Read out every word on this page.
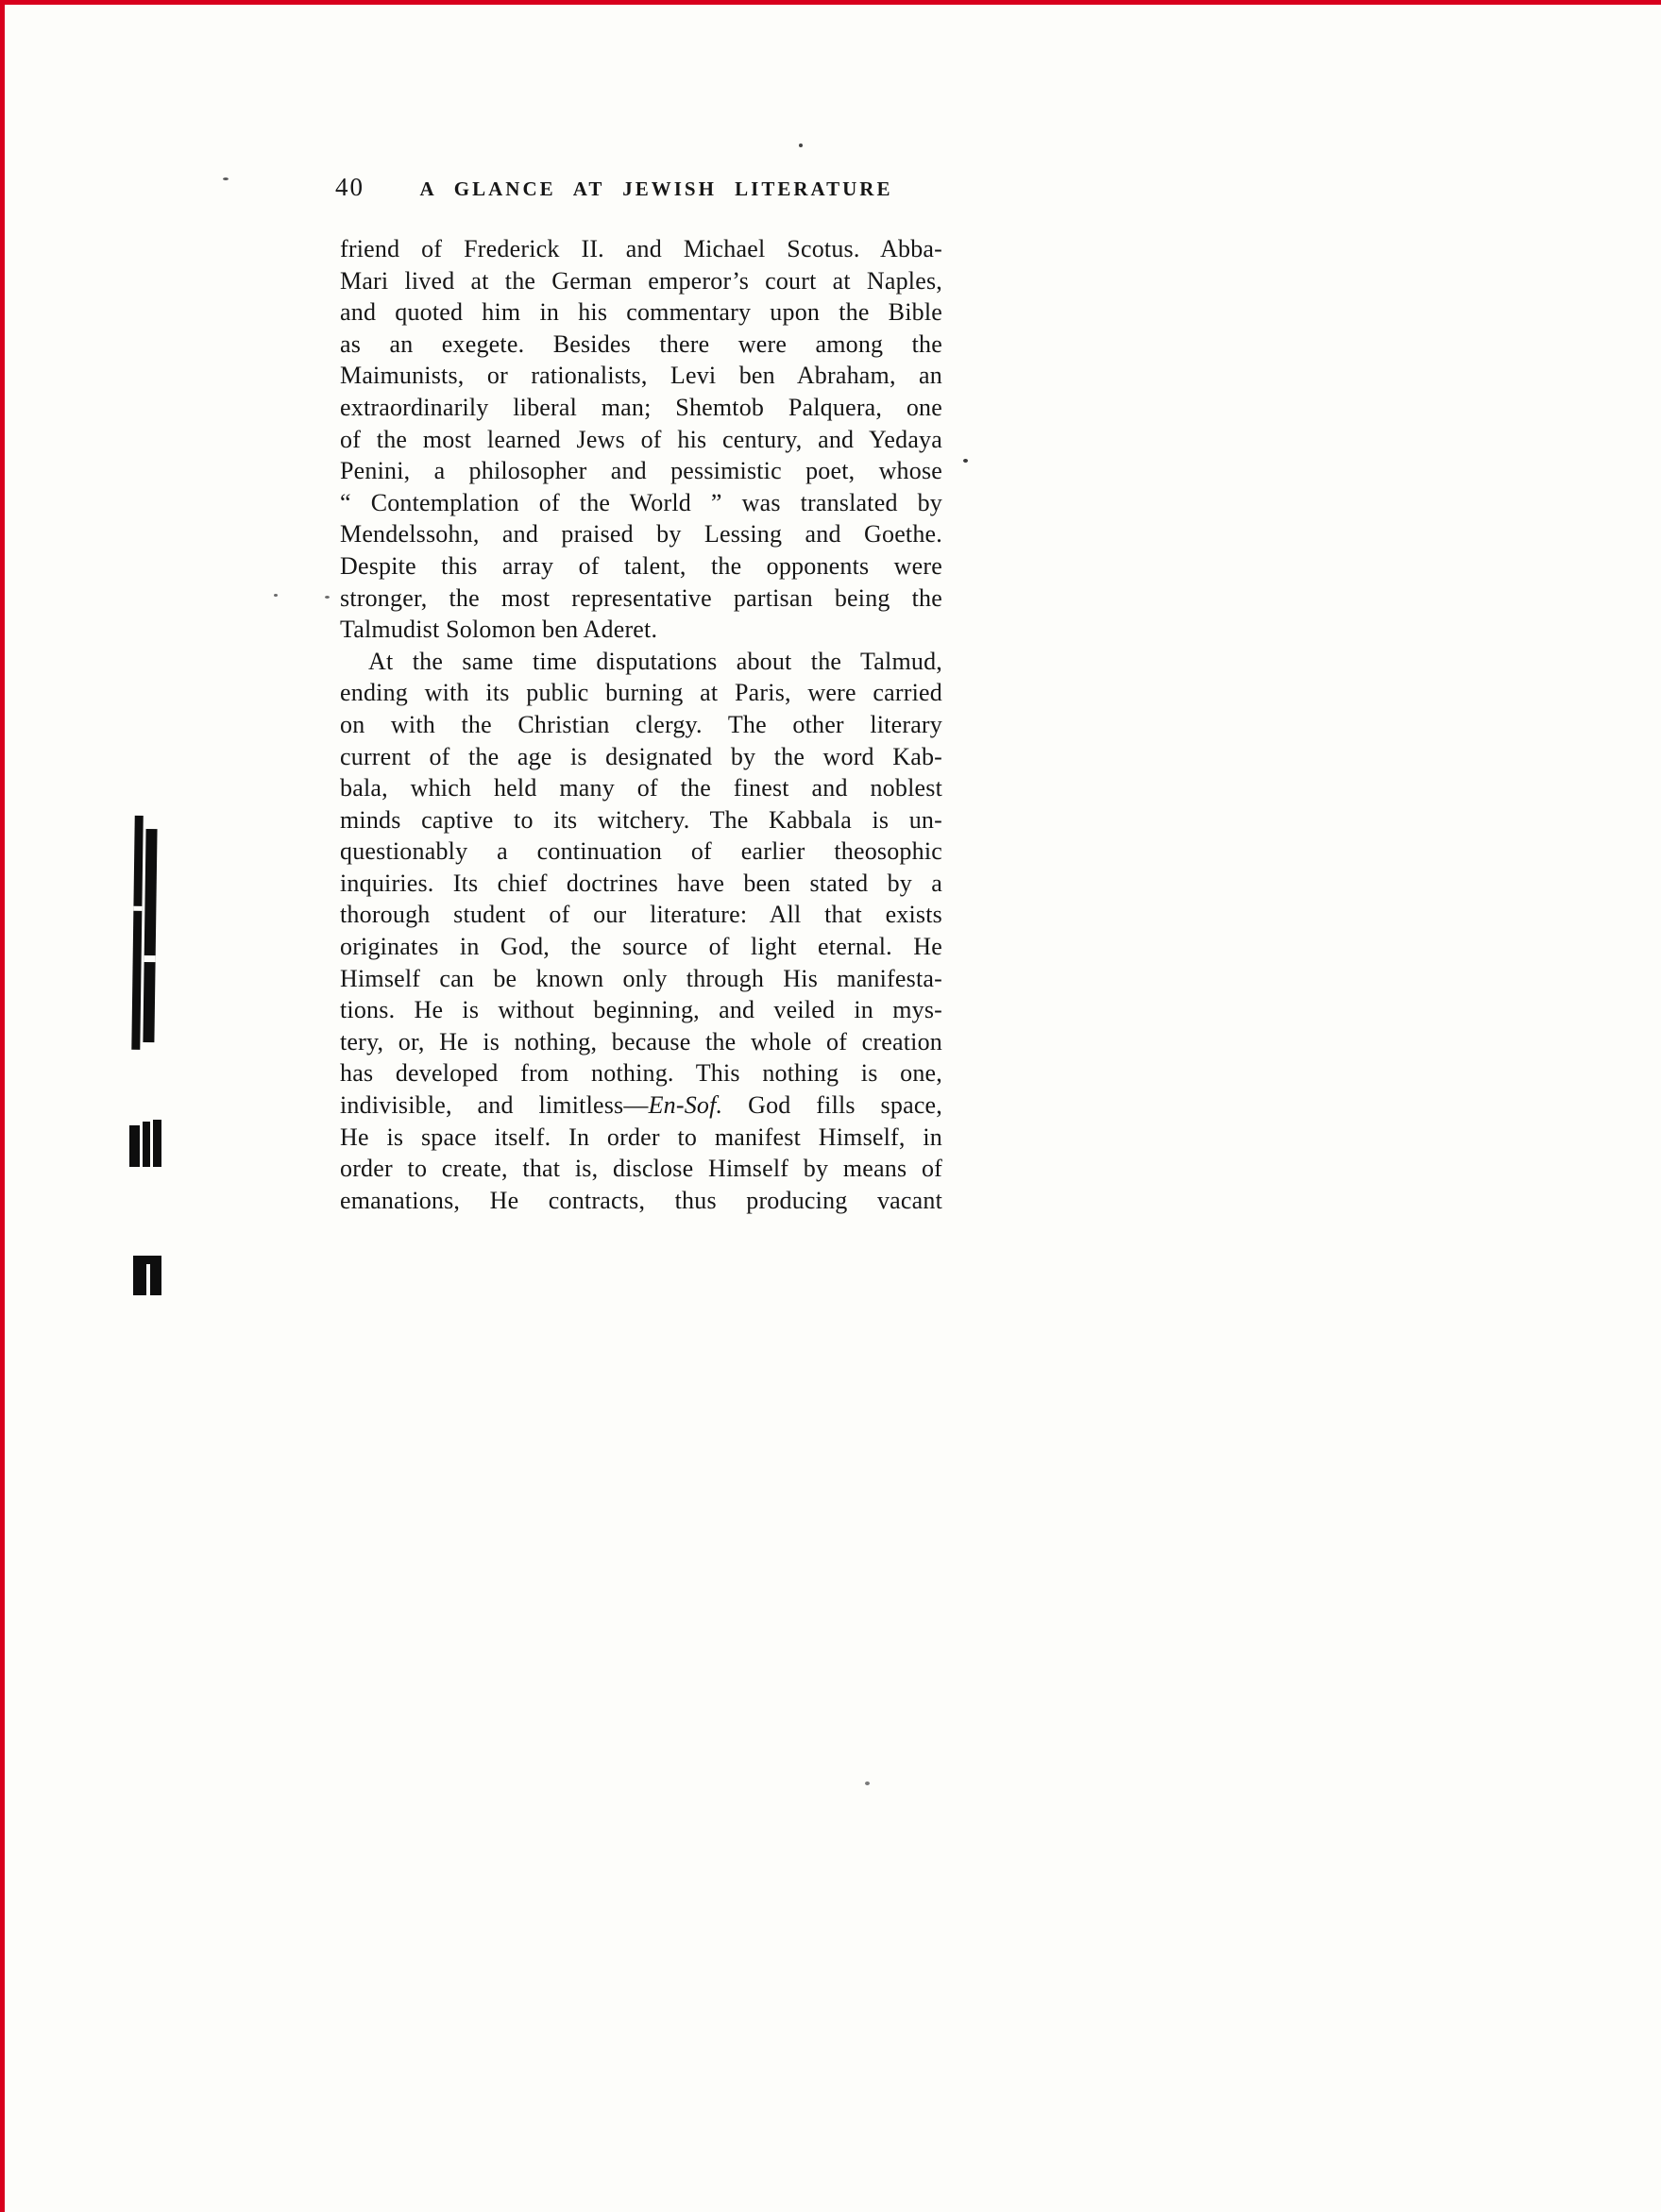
40	A GLANCE AT JEWISH LITERATURE
friend of Frederick II. and Michael Scotus. Abba-
Mari lived at the German emperor’s court at Naples,
and quoted him in his commentary upon the Bible
as an exegete. Besides there were among the
Maimunists, or rationalists, Levi ben Abraham, an
extraordinarily liberal man; Shemtob Palquera, one
of the most learned Jews of his century, and Yedaya
Penini, a philosopher and pessimistic poet, whose
“ Contemplation of the World ” was translated by
Mendelssohn, and praised by Lessing and Goethe.
Despite this array of talent, the opponents were
stronger, the most representative partisan being the
Talmudist Solomon ben Aderet.
At the same time disputations about the Talmud,
ending with its public burning at Paris, were carried
on with the Christian clergy. The other literary
current of the age is designated by the word Kab-
bala, which held many of the finest and noblest
minds captive to its witchery. The Kabbala is un-
questionably a continuation of earlier theosophic
inquiries. Its chief doctrines have been stated by a
thorough student of our literature: All that exists
originates in God, the source of light eternal. He
Himself can be known only through His manifesta-
tions. He is without beginning, and veiled in mys-
tery, or, He is nothing, because the whole of creation
has developed from nothing. This nothing is one,
indivisible, and limitless—En-Sof. God fills space,
He is space itself. In order to manifest Himself, in
order to create, that is, disclose Himself by means of
emanations, He contracts, thus producing vacant
